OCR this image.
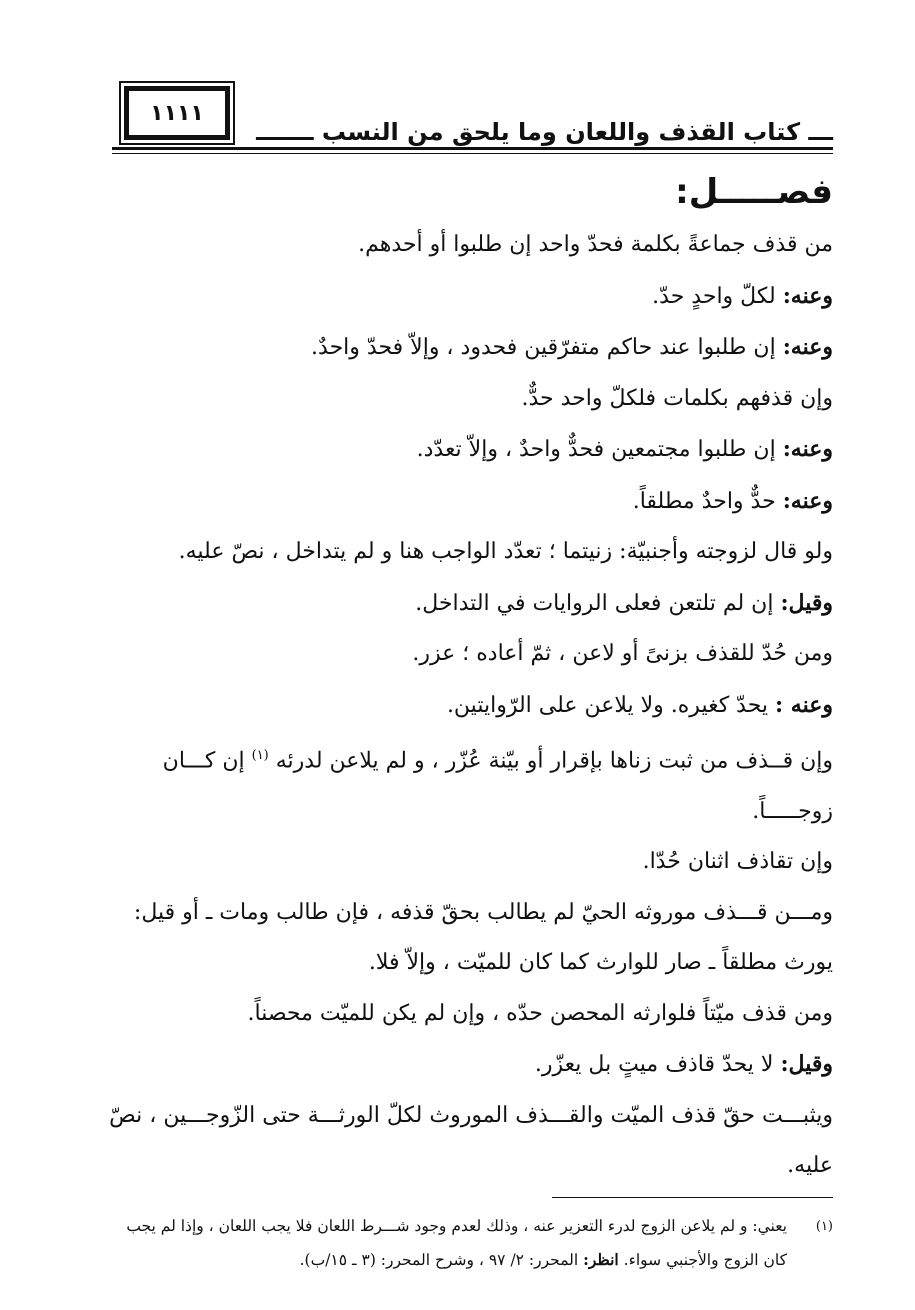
١١١١
ـــ كتاب القذف واللعان وما يلحق من النسب ـــــــ
فصـــــل:

من قذف جماعةً بكلمة فحدّ واحد إن طلبوا أو أحدهم.

وعنه: لكلّ واحدٍ حدّ.

وعنه: إن طلبوا عند حاكم متفرّقين فحدود ، وإلاّ فحدّ واحدٌ.

وإن قذفهم بكلمات فلكلّ واحد حدٌّ.

وعنه: إن طلبوا مجتمعين فحدٌّ واحدٌ ، وإلاّ تعدّد.

وعنه: حدٌّ واحدٌ مطلقاً.

ولو قال لزوجته وأجنبيّة: زنيتما ؛ تعدّد الواجب هنا و لم يتداخل ، نصّ عليه.

وقيل: إن لم تلتعن فعلى الروايات في التداخل.

ومن حُدّ للقذف بزنىً أو لاعن ، ثمّ أعاده ؛ عزر.

وعنه : يحدّ كغيره. ولا يلاعن على الرّوايتين.

وإن قــذف من ثبت زناها بإقرار أو بيّنة عُزّر ، و لم يلاعن لدرئه $^{(١)}$ إن كـــان زوجـــــاً.

وإن تقاذف اثنان حُدّا.

ومـــن قـــذف موروثه الحيّ لم يطالب بحقّ قذفه ، فإن طالب ومات ـ أو قيل: يورث مطلقاً ـ صار للوارث كما كان للميّت ، وإلاّ فلا.

ومن قذف ميّتاً فلوارثه المحصن حدّه ، وإن لم يكن للميّت محصناً.

وقيل: لا يحدّ قاذف ميتٍ بل يعزّر.

ويثبـــت حقّ قذف الميّت والقـــذف الموروث لكلّ الورثـــة حتى الزّوجـــين ، نصّ عليه.

(١)
يعني: و لم يلاعن الزوج لدرء التعزير عنه ، وذلك لعدم وجود شـــرط اللعان فلا يجب اللعان ، وإذا لم يجب كان الزوج والأجنبي سواء. انظر: المحرر: ٢/ ٩٧ ، وشرح المحرر: (٣ ـ ١٥/ب).
